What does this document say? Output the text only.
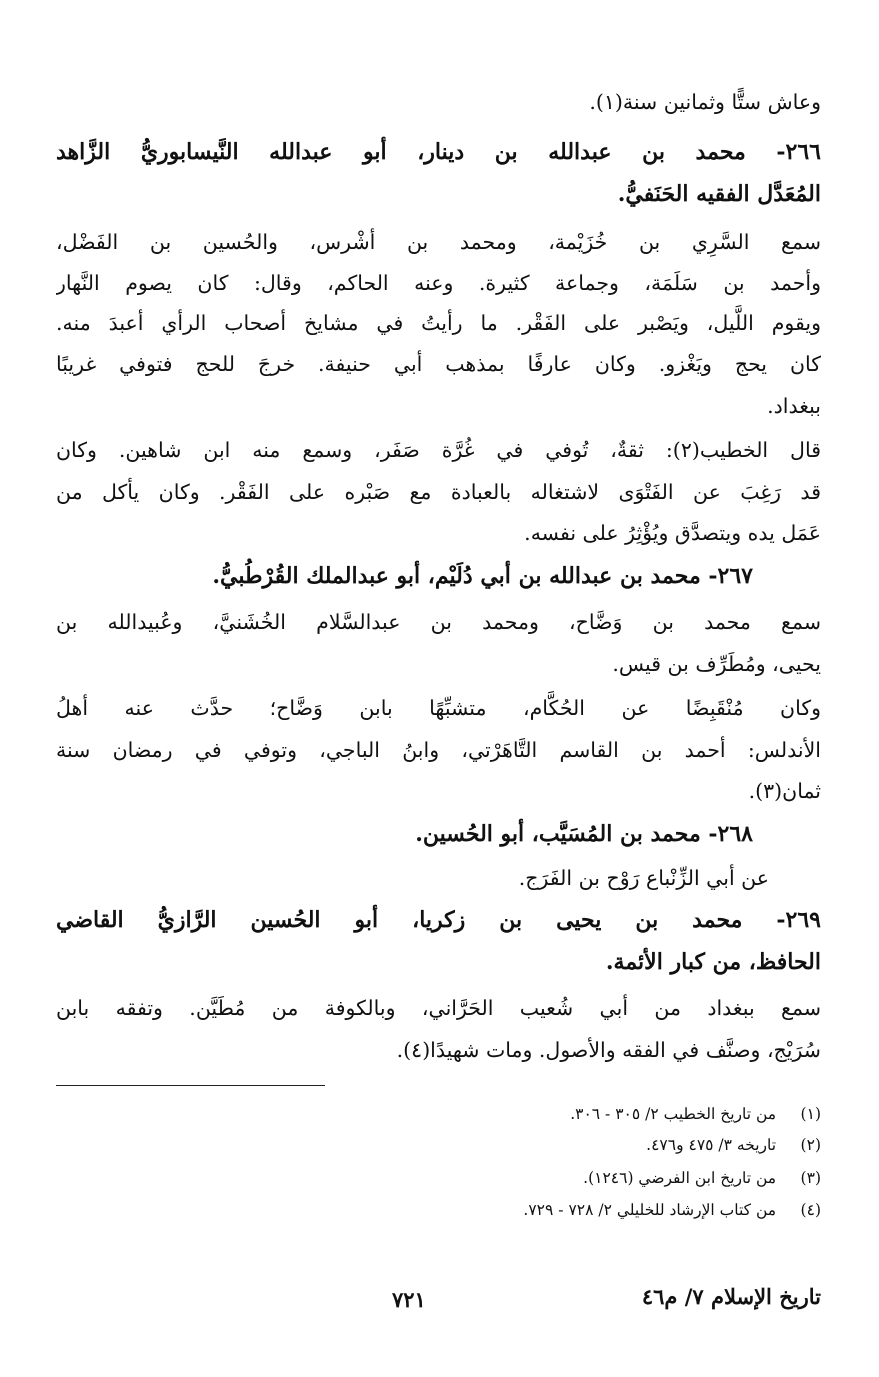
وعاش ستًّا وثمانين سنة(١).
٢٦٦- محمد بن عبدالله بن دينار، أبو عبدالله النَّيسابوريُّ الزَّاهد
المُعَدَّل الفقيه الحَنَفيُّ.
سمع السَّرِي بن خُزَيْمة، ومحمد بن أشْرس، والحُسين بن الفَضْل،
وأحمد بن سَلَمَة، وجماعة كثيرة. وعنه الحاكم، وقال: كان يصوم النَّهار
ويقوم اللَّيل، ويَصْبر على الفَقْر. ما رأيتُ في مشايخ أصحاب الرأي أعبدَ منه.
كان يحج ويَغْزو. وكان عارفًا بمذهب أبي حنيفة. خرجَ للحج فتوفي غريبًا
ببغداد.
قال الخطيب(٢): ثقةٌ، تُوفي في غُرَّة صَفَر، وسمع منه ابن شاهين. وكان
قد رَغِبَ عن الفَتْوَى لاشتغاله بالعبادة مع صَبْره على الفَقْر. وكان يأكل من
عَمَل يده ويتصدَّق ويُؤْثِرُ على نفسه.
٢٦٧- محمد بن عبدالله بن أبي دُلَيْم، أبو عبدالملك القُرْطُبيُّ.
سمع محمد بن وَضَّاح، ومحمد بن عبدالسَّلام الخُشَنيَّ، وعُبيدالله بن
يحيى، ومُطَرِّف بن قيس.
وكان مُنْقَبِضًا عن الحُكَّام، متشبِّهًا بابن وَضَّاح؛ حدَّث عنه أهلُ
الأندلس: أحمد بن القاسم التَّاهَرْتي، وابنُ الباجي، وتوفي في رمضان سنة
ثمان(٣).
٢٦٨- محمد بن المُسَيَّب، أبو الحُسين.
عن أبي الزِّنْباع رَوْح بن الفَرَج.
٢٦٩- محمد بن يحيى بن زكريا، أبو الحُسين الرَّازيُّ القاضي
الحافظ، من كبار الأئمة.
سمع ببغداد من أبي شُعيب الحَرَّاني، وبالكوفة من مُطَيَّن. وتفقه بابن
سُرَيْج، وصنَّف في الفقه والأصول. ومات شهيدًا(٤).
(١) من تاريخ الخطيب ٢/ ٣٠٥ - ٣٠٦.
(٢) تاريخه ٣/ ٤٧٥ و٤٧٦.
(٣) من تاريخ ابن الفرضي (١٢٤٦).
(٤) من كتاب الإرشاد للخليلي ٢/ ٧٢٨ - ٧٢٩.
تاريخ الإسلام ٧/ م٤٦
٧٢١
